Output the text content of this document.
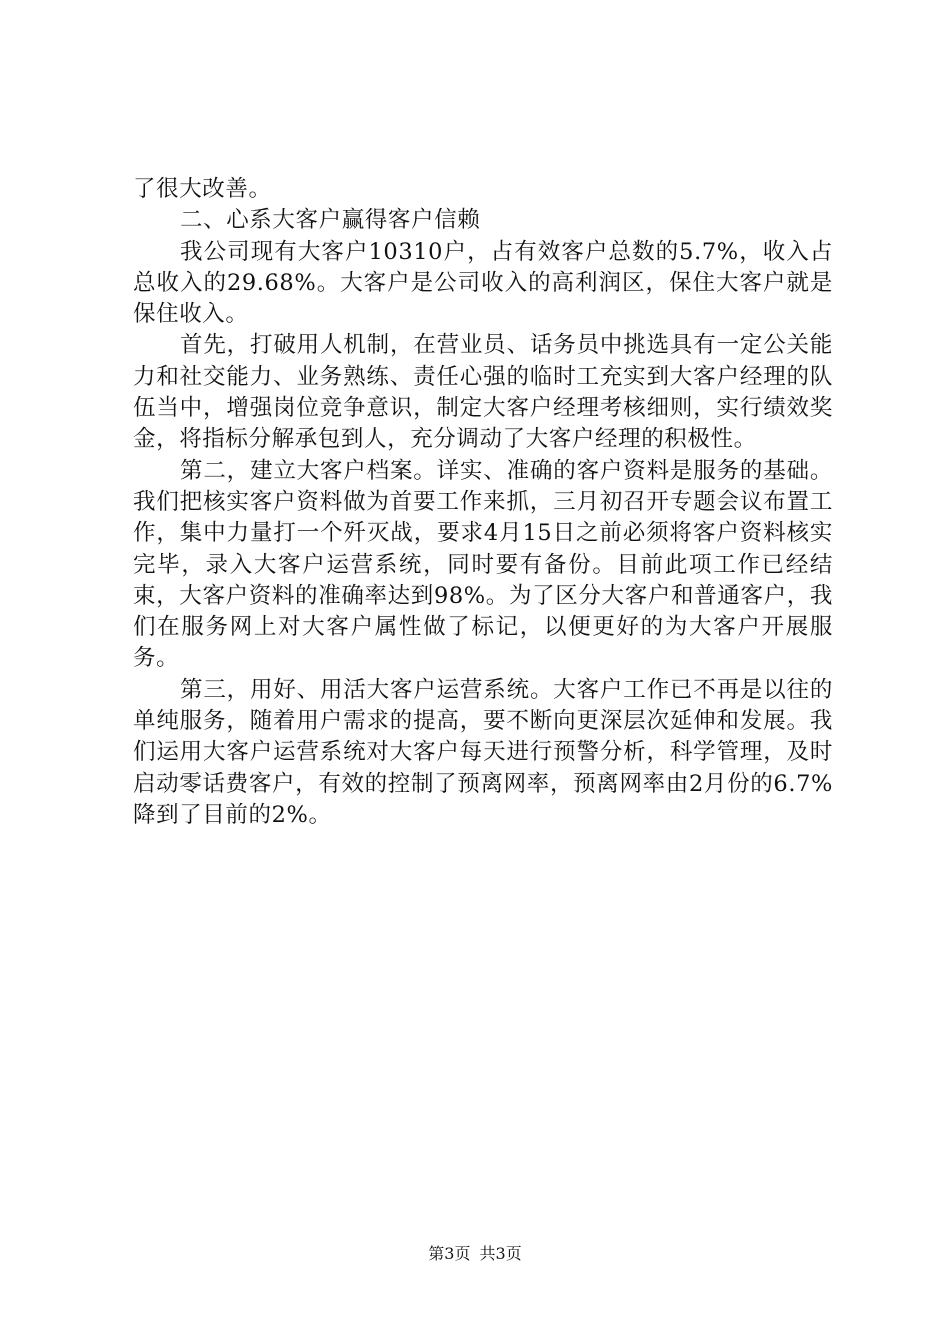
了很大改善。

二、心系大客户赢得客户信赖

我公司现有大客户10310户，占有效客户总数的5.7%，收入占总收入的29.68%。大客户是公司收入的高利润区，保住大客户就是保住收入。

首先，打破用人机制，在营业员、话务员中挑选具有一定公关能力和社交能力、业务熟练、责任心强的临时工充实到大客户经理的队伍当中，增强岗位竞争意识，制定大客户经理考核细则，实行绩效奖金，将指标分解承包到人，充分调动了大客户经理的积极性。

第二，建立大客户档案。详实、准确的客户资料是服务的基础。我们把核实客户资料做为首要工作来抓，三月初召开专题会议布置工作，集中力量打一个歼灭战，要求4月15日之前必须将客户资料核实完毕，录入大客户运营系统，同时要有备份。目前此项工作已经结束，大客户资料的准确率达到98%。为了区分大客户和普通客户，我们在服务网上对大客户属性做了标记，以便更好的为大客户开展服务。

第三，用好、用活大客户运营系统。大客户工作已不再是以往的单纯服务，随着用户需求的提高，要不断向更深层次延伸和发展。我们运用大客户运营系统对大客户每天进行预警分析，科学管理，及时启动零话费客户，有效的控制了预离网率，预离网率由2月份的6.7%降到了目前的2%。

第3页 共3页
